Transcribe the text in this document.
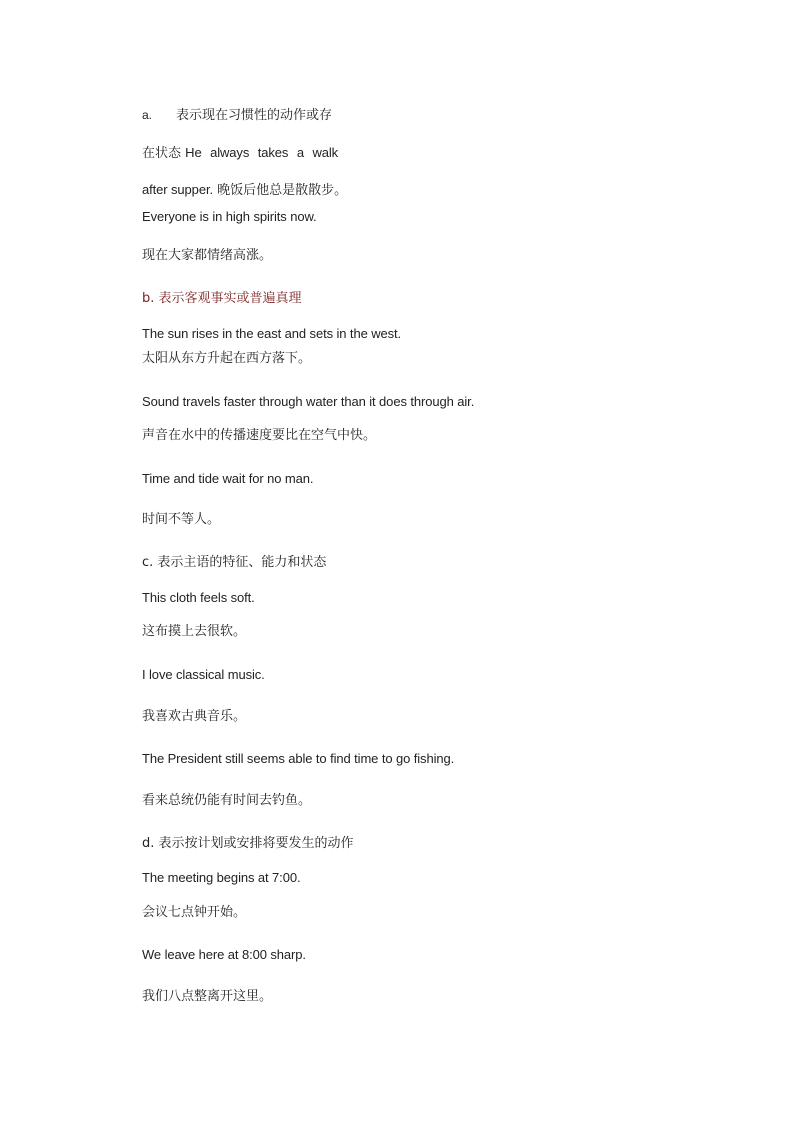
a. 表示现在习惯性的动作或存
在状态 He always takes a walk
after supper. 晚饭后他总是散散步。
Everyone is in high spirits now.
现在大家都情绪高涨。
b. 表示客观事实或普遍真理
The sun rises in the east and sets in the west.
太阳从东方升起在西方落下。
Sound travels faster through water than it does through air.
声音在水中的传播速度要比在空气中快。
Time and tide wait for no man.
时间不等人。
c. 表示主语的特征、能力和状态
This cloth feels soft.
这布摸上去很软。
I love classical music.
我喜欢古典音乐。
The President still seems able to find time to go fishing.
看来总统仍能有时间去钓鱼。
d. 表示按计划或安排将要发生的动作
The meeting begins at 7:00.
会议七点钟开始。
We leave here at 8:00 sharp.
我们八点整离开这里。
